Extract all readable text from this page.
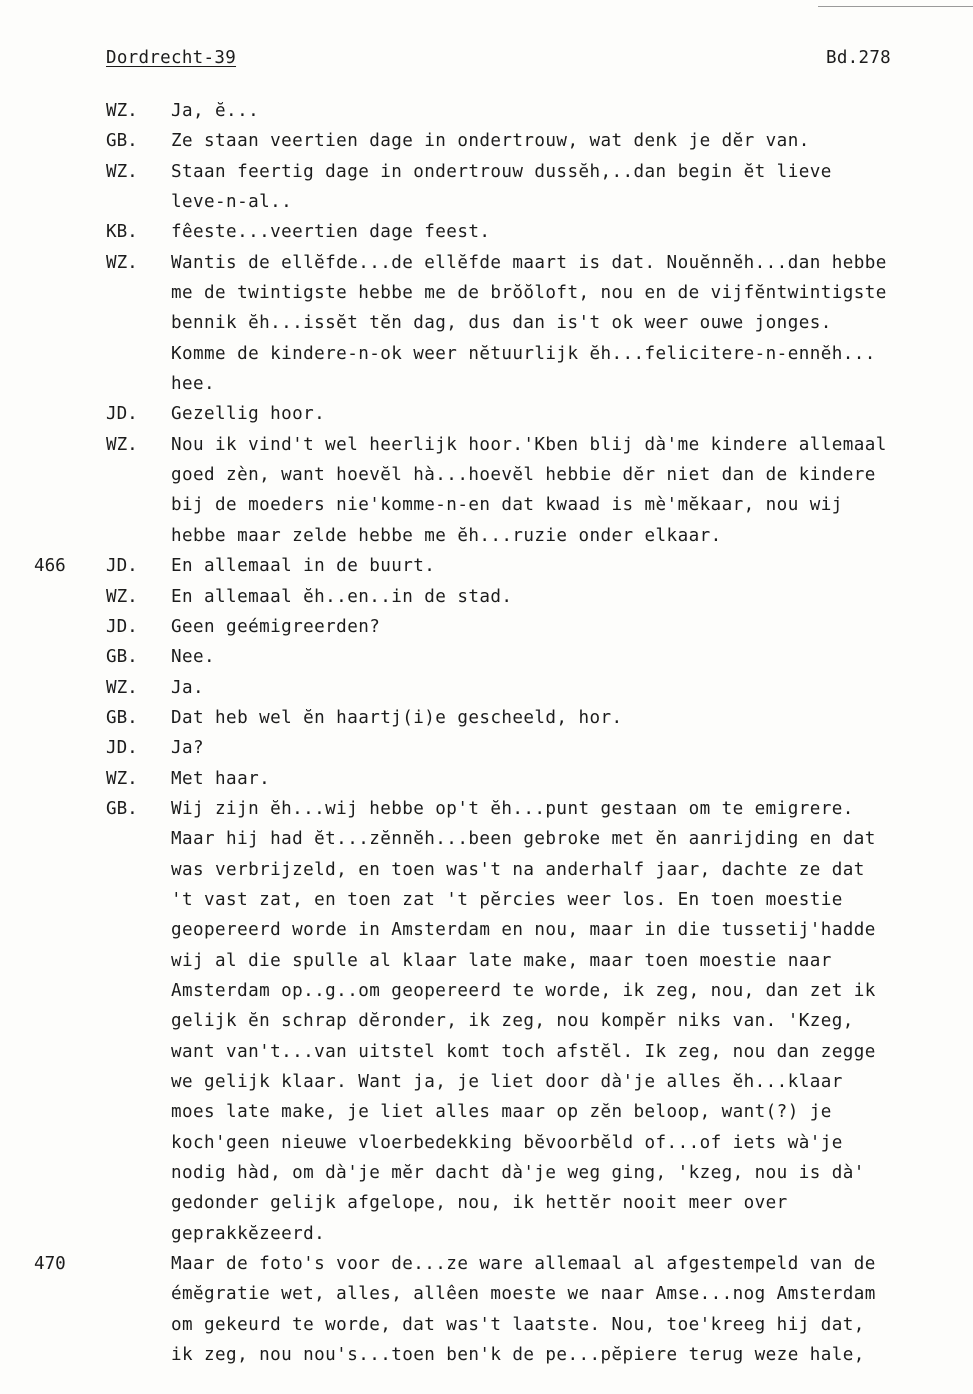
Dordrecht-39	Bd.278
WZ. Ja, ĕ...
GB. Ze staan veertien dage in ondertrouw, wat denk je dĕr van.
WZ. Staan feertig dage in ondertrouw dussĕh,..dan begin ĕt lieve
leve-n-al..
KB. fêeste...veertien dage feest.
WZ. Wantis de ellĕfde...de ellĕfde maart is dat. Nouĕnnĕh...dan hebbe
me de twintigste hebbe me de brŏŏloft, nou en de vijfĕntwintigste
bennik ĕh...issĕt tĕn dag, dus dan is't ok weer ouwe jonges.
Komme de kindere-n-ok weer nĕtuurlijk ĕh...felicitere-n-ennĕh...
hee.
JD. Gezellig hoor.
WZ. Nou ik vind't wel heerlijk hoor.'Kben blij dà'me kindere allemaal
goed zèn, want hoevĕl hà...hoevĕl hebbie dĕr niet dan de kindere
bij de moeders nie'komme-n-en dat kwaad is mè'mĕkaar, nou wij
hebbe maar zelde hebbe me ĕh...ruzie onder elkaar.
466 JD. En allemaal in de buurt.
WZ. En allemaal ĕh..en..in de stad.
JD. Geen geémigreerden?
GB. Nee.
WZ. Ja.
GB. Dat heb wel ĕn haartj(i)e gescheeld, hor.
JD. Ja?
WZ. Met haar.
GB. Wij zijn ĕh...wij hebbe op't ĕh...punt gestaan om te emigrere.
Maar hij had ĕt...zĕnnĕh...been gebroke met ĕn aanrijding en dat
was verbrijzeld, en toen was't na anderhalf jaar, dachte ze dat
't vast zat, en toen zat 't pĕrcies weer los. En toen moestie
geopereerd worde in Amsterdam en nou, maar in die tussetij'hadde
wij al die spulle al klaar late make, maar toen moestie naar
Amsterdam op..g..om geopereerd te worde, ik zeg, nou, dan zet ik
gelijk ĕn schrap dĕronder, ik zeg, nou kompĕr niks van. 'Kzeg,
want van't...van uitstel komt toch afstĕl. Ik zeg, nou dan zegge
we gelijk klaar. Want ja, je liet door dà'je alles ĕh...klaar
moes late make, je liet alles maar op zĕn beloop, want(?) je
koch'geen nieuwe vloerbedekking bĕvoorbĕld of...of iets wà'je
nodig hàd, om dà'je mĕr dacht dà'je weg ging, 'kzeg, nou is dà'
gedonder gelijk afgelope, nou, ik hettĕr nooit meer over
geprakkĕzeerd.
470	Maar de foto's voor de...ze ware allemaal al afgestempeld van de
émĕgratie wet, alles, allêen moeste we naar Amse...nog Amsterdam
om gekeurd te worde, dat was't laatste. Nou, toe'kreeg hij dat,
ik zeg, nou nou's...toen ben'k de pe...pĕpiere terug weze hale,
